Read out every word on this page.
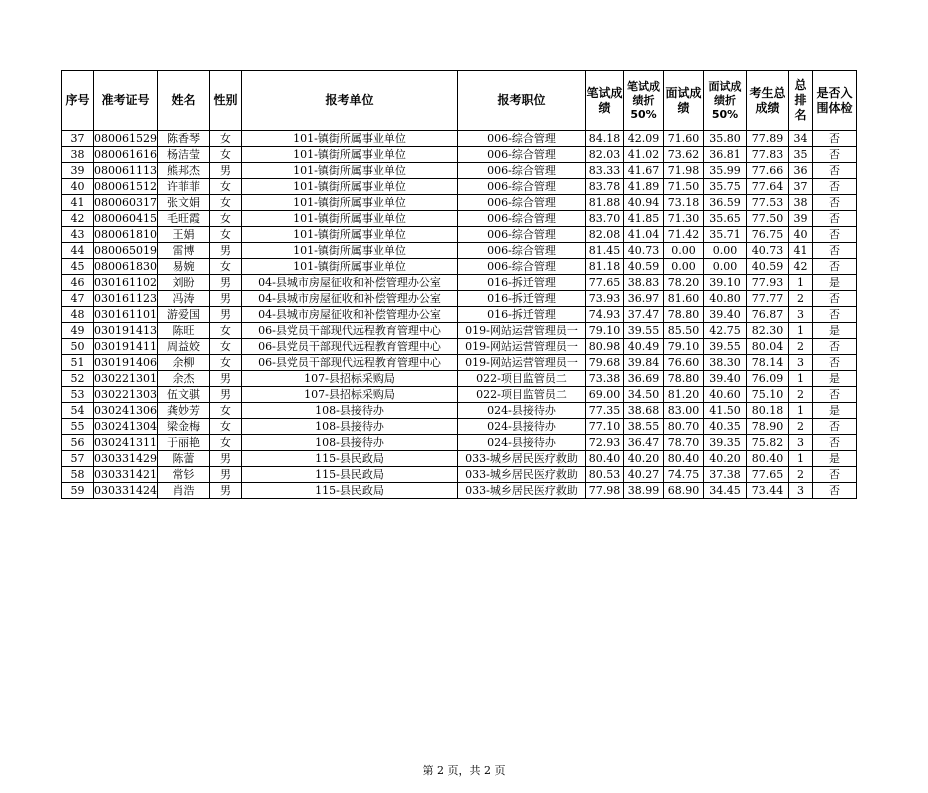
序号	准考证号	姓名	性别	报考单位	报考职位	笔试成绩	笔试成绩折50%	面试成绩	面试成绩折50%	考生总成绩	总排名	是否入围体检
37	080061529	陈香琴	女	101-镇街所属事业单位	006-综合管理	84.18	42.09	71.60	35.80	77.89	34	否
38	080061616	杨洁莹	女	101-镇街所属事业单位	006-综合管理	82.03	41.02	73.62	36.81	77.83	35	否
39	080061113	熊邦杰	男	101-镇街所属事业单位	006-综合管理	83.33	41.67	71.98	35.99	77.66	36	否
40	080061512	许菲菲	女	101-镇街所属事业单位	006-综合管理	83.78	41.89	71.50	35.75	77.64	37	否
41	080060317	张文娟	女	101-镇街所属事业单位	006-综合管理	81.88	40.94	73.18	36.59	77.53	38	否
42	080060415	毛旺霞	女	101-镇街所属事业单位	006-综合管理	83.70	41.85	71.30	35.65	77.50	39	否
43	080061810	王娟	女	101-镇街所属事业单位	006-综合管理	82.08	41.04	71.42	35.71	76.75	40	否
44	080065019	雷博	男	101-镇街所属事业单位	006-综合管理	81.45	40.73	0.00	0.00	40.73	41	否
45	080061830	易婉	女	101-镇街所属事业单位	006-综合管理	81.18	40.59	0.00	0.00	40.59	42	否
46	030161102	刘盼	男	04-县城市房屋征收和补偿管理办公室	016-拆迁管理	77.65	38.83	78.20	39.10	77.93	1	是
47	030161123	冯涛	男	04-县城市房屋征收和补偿管理办公室	016-拆迁管理	73.93	36.97	81.60	40.80	77.77	2	否
48	030161101	游爱国	男	04-县城市房屋征收和补偿管理办公室	016-拆迁管理	74.93	37.47	78.80	39.40	76.87	3	否
49	030191413	陈旺	女	06-县党员干部现代远程教育管理中心	019-网站运营管理员一	79.10	39.55	85.50	42.75	82.30	1	是
50	030191411	周益姣	女	06-县党员干部现代远程教育管理中心	019-网站运营管理员一	80.98	40.49	79.10	39.55	80.04	2	否
51	030191406	余柳	女	06-县党员干部现代远程教育管理中心	019-网站运营管理员一	79.68	39.84	76.60	38.30	78.14	3	否
52	030221301	余杰	男	107-县招标采购局	022-项目监管员二	73.38	36.69	78.80	39.40	76.09	1	是
53	030221303	伍文骐	男	107-县招标采购局	022-项目监管员二	69.00	34.50	81.20	40.60	75.10	2	否
54	030241306	龚妙芳	女	108-县接待办	024-县接待办	77.35	38.68	83.00	41.50	80.18	1	是
55	030241304	梁金梅	女	108-县接待办	024-县接待办	77.10	38.55	80.70	40.35	78.90	2	否
56	030241311	于丽艳	女	108-县接待办	024-县接待办	72.93	36.47	78.70	39.35	75.82	3	否
57	030331429	陈蕾	男	115-县民政局	033-城乡居民医疗救助	80.40	40.20	80.40	40.20	80.40	1	是
58	030331421	常钐	男	115-县民政局	033-城乡居民医疗救助	80.53	40.27	74.75	37.38	77.65	2	否
59	030331424	肖浩	男	115-县民政局	033-城乡居民医疗救助	77.98	38.99	68.90	34.45	73.44	3	否
第 2 页，共 2 页
